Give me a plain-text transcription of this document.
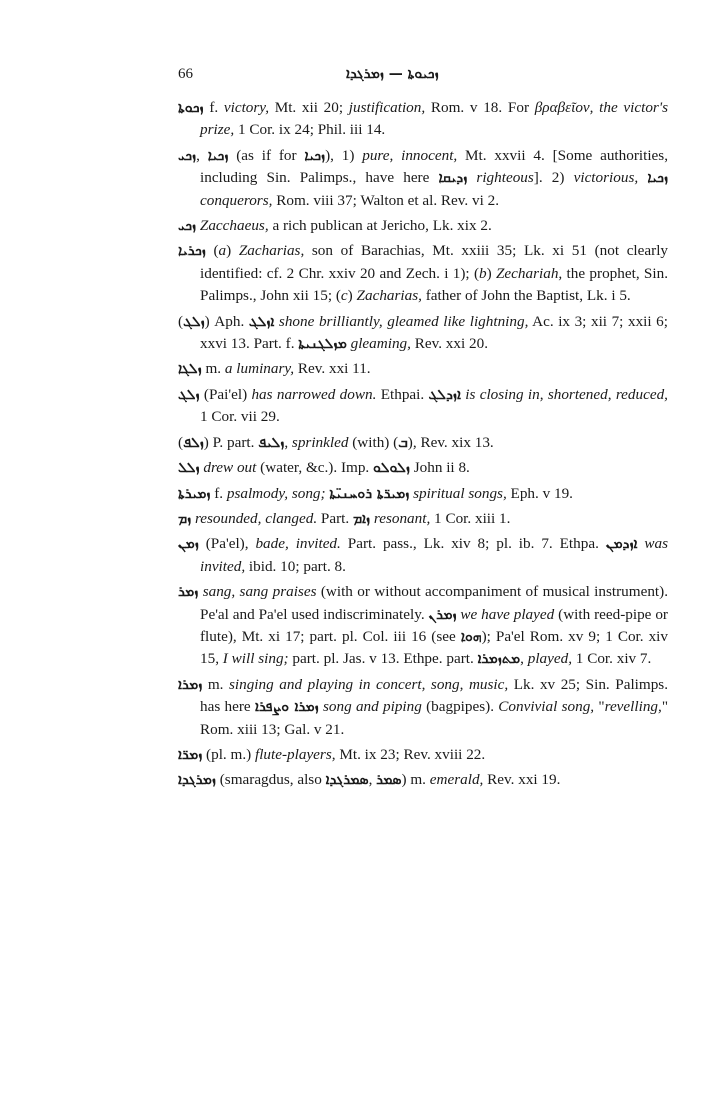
66	ܙܟܝܘܬܐ — ܙܡܪܓܕܐ

ܙܟܘܬܐ f. victory, Mt. xii 20; justification, Rom. v 18. For βραβεῖον, the victor's prize, 1 Cor. ix 24; Phil. iii 14.

ܙܟܝ, ܙܟܝܐ (as if for ܙܟܝܐ), 1) pure, innocent, Mt. xxvii 4. [Some authorities, including Sin. Palimps., have here ܙܕܝܩܐ righteous]. 2) victorious, ܙܟܝܐ conquerors, Rom. viii 37; Walton et al. Rev. vi 2.

ܙܟܝ Zacchaeus, a rich publican at Jericho, Lk. xix 2.

ܙܟܪܝܐ (a) Zacharias, son of Barachias, Mt. xxiii 35; Lk. xi 51 (not clearly identified: cf. 2 Chr. xxiv 20 and Zech. i 1); (b) Zechariah, the prophet, Sin. Palimps., John xii 15; (c) Zacharias, father of John the Baptist, Lk. i 5.

(ܙܠܓ) Aph. ܐܙܠܓ shone brilliantly, gleamed like lightning, Ac. ix 3; xii 7; xxii 6; xxvi 13. Part. f. ܡܙܠܓܢܝܬܐ gleaming, Rev. xxi 20.

ܙܠܓܐ m. a luminary, Rev. xxi 11.

ܙܠܓ (Pai'el) has narrowed down. Ethpai. ܐܙܕܠܓ is closing in, shortened, reduced, 1 Cor. vii 29.

(ܙܠܦ) P. part. ܙܠܝܦ, sprinkled (with) (ܒ), Rev. xix 13.

ܙܠܠ drew out (water, &c.). Imp. ܙܠܘܠܘ John ii 8.

ܙܡܝܪܬܐ f. psalmody, song; ܙܡܝܪ̈ܬܐ ܪܘܚܢܝ̈ܬܐ spiritual songs, Eph. v 19.

ܙܡ resounded, clanged. Part. ܙܐܡ resonant, 1 Cor. xiii 1.

ܙܡܢ (Pa'el), bade, invited. Part. pass., Lk. xiv 8; pl. ib. 7. Ethpa. ܐܙܕܡܢ was invited, ibid. 10; part. 8.

ܙܡܪ sang, sang praises (with or without accompaniment of musical instrument). Pe'al and Pa'el used indiscriminately. ܙܡܪܢ we have played (with reed-pipe or flute), Mt. xi 17; part. pl. Col. iii 16 (see ܗܘܐ); Pa'el Rom. xv 9; 1 Cor. xiv 15, I will sing; part. pl. Jas. v 13. Ethpe. part. ܡܬܙܡܪܐ, played, 1 Cor. xiv 7.

ܙܡܪܐ m. singing and playing in concert, song, music, Lk. xv 25; Sin. Palimps. has here ܙܡܪܐ ܘܨܦܪܐ song and piping (bagpipes). Convivial song, "revelling," Rom. xiii 13; Gal. v 21.

ܙܡܪ̈ܐ (pl. m.) flute-players, Mt. ix 23; Rev. xviii 22.

ܙܡܪܓܕܐ (smaragdus, also ܣܡܪܓܕܐ, ܣܡܪ) m. emerald, Rev. xxi 19.
